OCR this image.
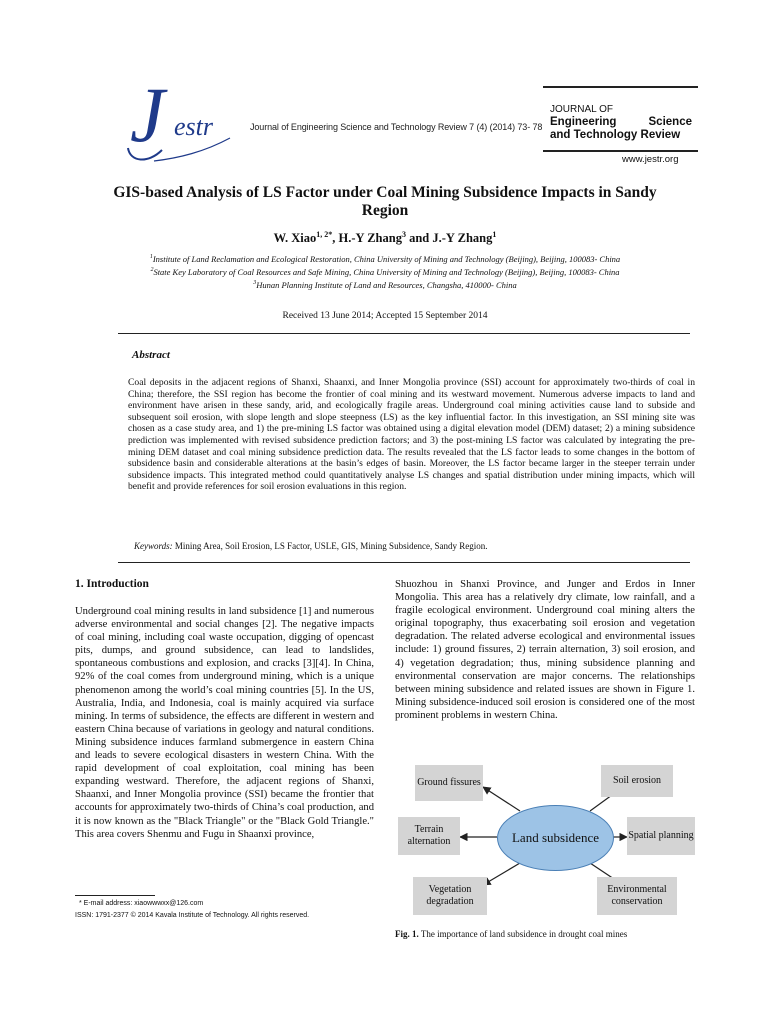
J estr	Journal of Engineering Science and Technology Review 7 (4) (2014) 73- 78
JOURNAL OF
Engineering	Science
and Technology Review
www.jestr.org
GIS-based Analysis of LS Factor under Coal Mining Subsidence Impacts in Sandy
Region
W. Xiao$^{1, 2*}$, H.-Y Zhang$^3$ and J.-Y Zhang$^1$
$^1$Institute of Land Reclamation and Ecological Restoration, China University of Mining and Technology (Beijing), Beijing, 100083- China
$^2$State Key Laboratory of Coal Resources and Safe Mining, China University of Mining and Technology (Beijing), Beijing, 100083- China
$^3$Hunan Planning Institute of Land and Resources, Changsha, 410000- China
Received 13 June 2014; Accepted 15 September 2014
Abstract
Coal deposits in the adjacent regions of Shanxi, Shaanxi, and Inner Mongolia province (SSI) account for approximately two-thirds of coal in China; therefore, the SSI region has become the frontier of coal mining and its westward movement. Numerous adverse impacts to land and environment have arisen in these sandy, arid, and ecologically fragile areas. Underground coal mining activities cause land to subside and subsequent soil erosion, with slope length and slope steepness (LS) as the key influential factor. In this investigation, an SSI mining site was chosen as a case study area, and 1) the pre-mining LS factor was obtained using a digital elevation model (DEM) dataset; 2) a mining subsidence prediction was implemented with revised subsidence prediction factors; and 3) the post-mining LS factor was calculated by integrating the pre-mining DEM dataset and coal mining subsidence prediction data. The results revealed that the LS factor leads to some changes in the bottom of subsidence basin and considerable alterations at the basin’s edges of basin. Moreover, the LS factor became larger in the steeper terrain under subsidence impacts. This integrated method could quantitatively analyse LS changes and spatial distribution under mining impacts, which will benefit and provide references for soil erosion evaluations in this region.
Keywords: Mining Area, Soil Erosion, LS Factor, USLE, GIS, Mining Subsidence, Sandy Region.
1. Introduction

Underground coal mining results in land subsidence [1] and numerous adverse environmental and social changes [2]. The negative impacts of coal mining, including coal waste occupation, digging of opencast pits, dumps, and ground subsidence, can lead to landslides, spontaneous combustions and explosion, and cracks [3][4]. In China, 92% of the coal comes from underground mining, which is a unique phenomenon among the world’s coal mining countries [5]. In the US, Australia, India, and Indonesia, coal is mainly acquired via surface mining. In terms of subsidence, the effects are different in western and eastern China because of variations in geology and natural conditions. Mining subsidence induces farmland submergence in eastern China and leads to severe ecological disasters in western China. With the rapid development of coal exploitation, coal mining has been expanding westward. Therefore, the adjacent regions of Shanxi, Shaanxi, and Inner Mongolia province (SSI) became the frontier that accounts for approximately two-thirds of China’s coal production, and it is now known as the "Black Triangle" or the "Black Gold Triangle." This area covers Shenmu and Fugu in Shaanxi province,

Shuozhou in Shanxi Province, and Junger and Erdos in Inner Mongolia. This area has a relatively dry climate, low rainfall, and a fragile ecological environment. Underground coal mining alters the original topography, thus exacerbating soil erosion and vegetation degradation. The related adverse ecological and environmental issues include: 1) ground fissures, 2) terrain alternation, 3) soil erosion, and 4) vegetation degradation; thus, mining subsidence planning and environmental conservation are major concerns. The relationships between mining subsidence and related issues are shown in Figure 1. Mining subsidence-induced soil erosion is considered one of the most prominent problems in western China.

* E-mail address: xiaowwwxx@126.com
ISSN: 1791-2377 © 2014 Kavala Institute of Technology. All rights reserved.
Ground fissures	Soil erosion
Terrain alternation
Spatial planning
Vegetation degradation
Environmental conservation
Land subsidence
Fig. 1. The importance of land subsidence in drought coal mines
